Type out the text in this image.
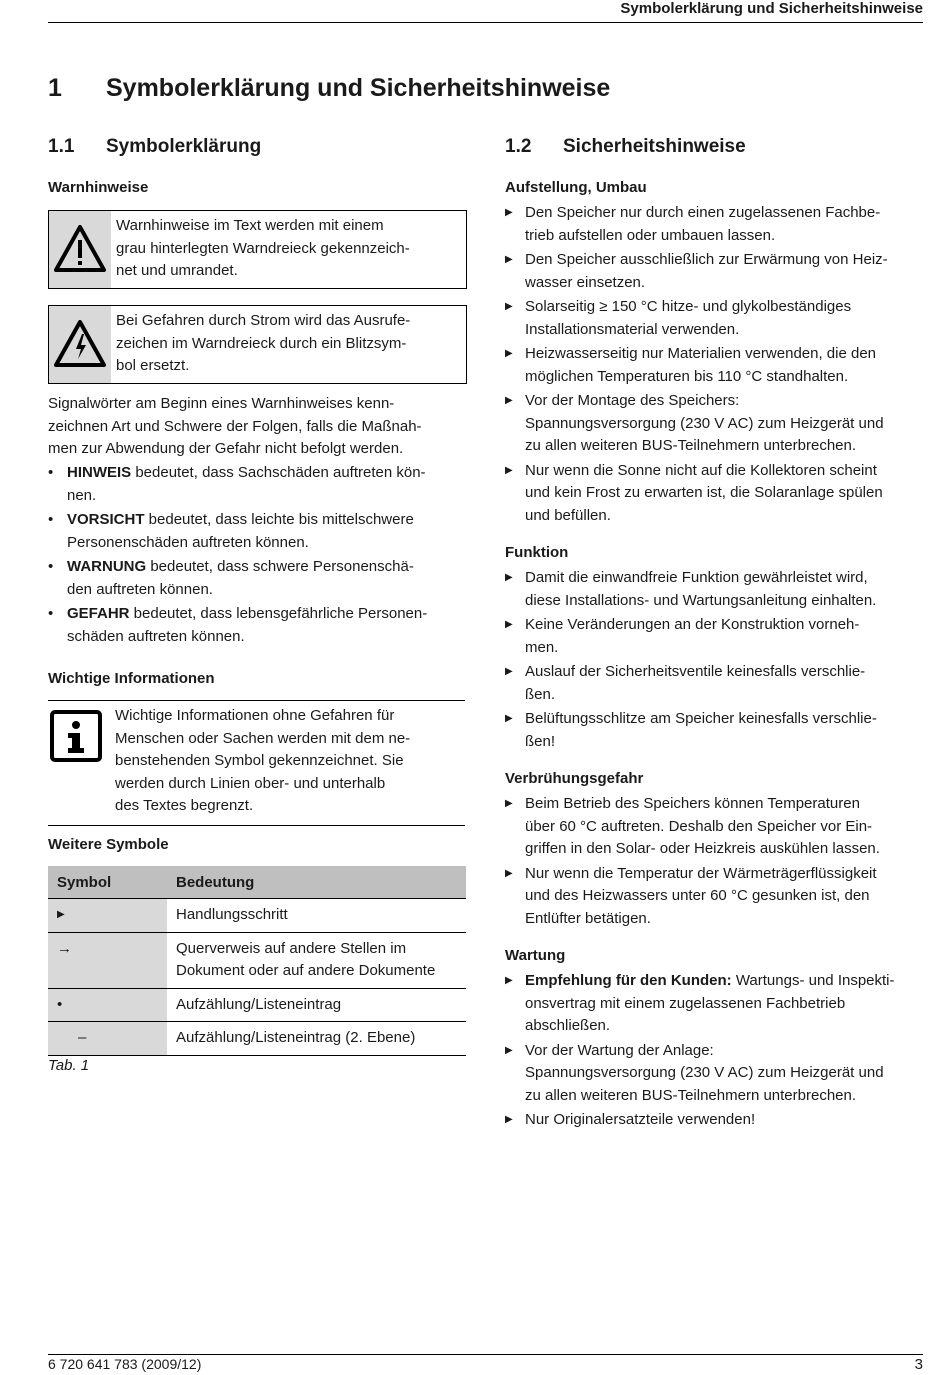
Symbolerklärung und Sicherheitshinweise
1 Symbolerklärung und Sicherheitshinweise
1.1 Symbolerklärung
Warnhinweise
Warnhinweise im Text werden mit einem
grau hinterlegten Warndreieck gekennzeich-
net und umrandet.
Bei Gefahren durch Strom wird das Ausrufe-
zeichen im Warndreieck durch ein Blitzsym-
bol ersetzt.
Signalwörter am Beginn eines Warnhinweises kenn-
zeichnen Art und Schwere der Folgen, falls die Maßnah-
men zur Abwendung der Gefahr nicht befolgt werden.
• HINWEIS bedeutet, dass Sachschäden auftreten kön-
nen.
• VORSICHT bedeutet, dass leichte bis mittelschwere
Personenschäden auftreten können.
• WARNUNG bedeutet, dass schwere Personenschä-
den auftreten können.
• GEFAHR bedeutet, dass lebensgefährliche Personen-
schäden auftreten können.
Wichtige Informationen
Wichtige Informationen ohne Gefahren für
Menschen oder Sachen werden mit dem ne-
benstehenden Symbol gekennzeichnet. Sie
werden durch Linien ober- und unterhalb
des Textes begrenzt.
Weitere Symbole
Symbol	Bedeutung
▶	Handlungsschritt
→	Querverweis auf andere Stellen im
Dokument oder auf andere Dokumente

•	Aufzählung/Listeneintrag
–	Aufzählung/Listeneintrag (2. Ebene)
Tab. 1
1.2 Sicherheitshinweise
Aufstellung, Umbau
▶ Den Speicher nur durch einen zugelassenen Fachbe-
trieb aufstellen oder umbauen lassen.
▶ Den Speicher ausschließlich zur Erwärmung von Heiz-
wasser einsetzen.
▶ Solarseitig ≥ 150 °C hitze- und glykolbeständiges
Installationsmaterial verwenden.
▶ Heizwasserseitig nur Materialien verwenden, die den
möglichen Temperaturen bis 110 °C standhalten.
▶ Vor der Montage des Speichers:
Spannungsversorgung (230 V AC) zum Heizgerät und
zu allen weiteren BUS-Teilnehmern unterbrechen.
▶ Nur wenn die Sonne nicht auf die Kollektoren scheint
und kein Frost zu erwarten ist, die Solaranlage spülen
und befüllen.
Funktion
▶ Damit die einwandfreie Funktion gewährleistet wird,
diese Installations- und Wartungsanleitung einhalten.
▶ Keine Veränderungen an der Konstruktion vorneh-
men.
▶ Auslauf der Sicherheitsventile keinesfalls verschlie-
ßen.
▶ Belüftungsschlitze am Speicher keinesfalls verschlie-
ßen!
Verbrühungsgefahr
▶ Beim Betrieb des Speichers können Temperaturen
über 60 °C auftreten. Deshalb den Speicher vor Ein-
griffen in den Solar- oder Heizkreis auskühlen lassen.
▶ Nur wenn die Temperatur der Wärmeträgerflüssigkeit
und des Heizwassers unter 60 °C gesunken ist, den
Entlüfter betätigen.
Wartung
▶ Empfehlung für den Kunden: Wartungs- und Inspekti-
onsvertrag mit einem zugelassenen Fachbetrieb
abschließen.
▶ Vor der Wartung der Anlage:
Spannungsversorgung (230 V AC) zum Heizgerät und
zu allen weiteren BUS-Teilnehmern unterbrechen.
▶ Nur Originalersatzteile verwenden!
6 720 641 783 (2009/12)	3
